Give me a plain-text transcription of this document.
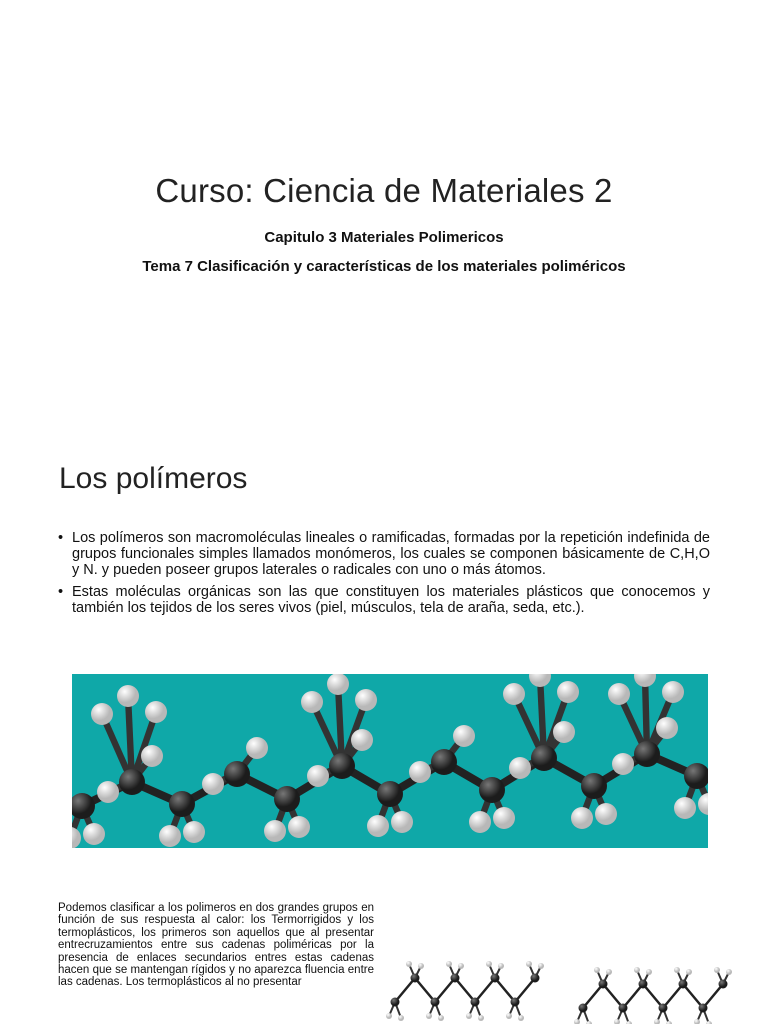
Curso: Ciencia de Materiales 2
Capitulo 3 Materiales Polimericos
Tema 7 Clasificación y características de los materiales poliméricos
Los polímeros
• Los polímeros son macromoléculas lineales o ramificadas, formadas por la repetición indefinida de grupos funcionales simples llamados monómeros, los cuales se componen básicamente de C,H,O y N. y pueden poseer grupos laterales o radicales con uno o más átomos.
• Estas moléculas orgánicas son las que constituyen los materiales plásticos que conocemos y también los tejidos de los seres vivos (piel, músculos, tela de araña, seda, etc.).

Podemos clasificar a los polimeros en dos grandes grupos en función de sus respuesta al calor: los Termorrigidos y los termoplásticos, los primeros son aquellos que al presentar entrecruzamientos entre sus cadenas poliméricas por la presencia de enlaces secundarios entres estas cadenas hacen que se mantengan rígidos y no aparezca fluencia entre las cadenas. Los termoplásticos al no presentar
